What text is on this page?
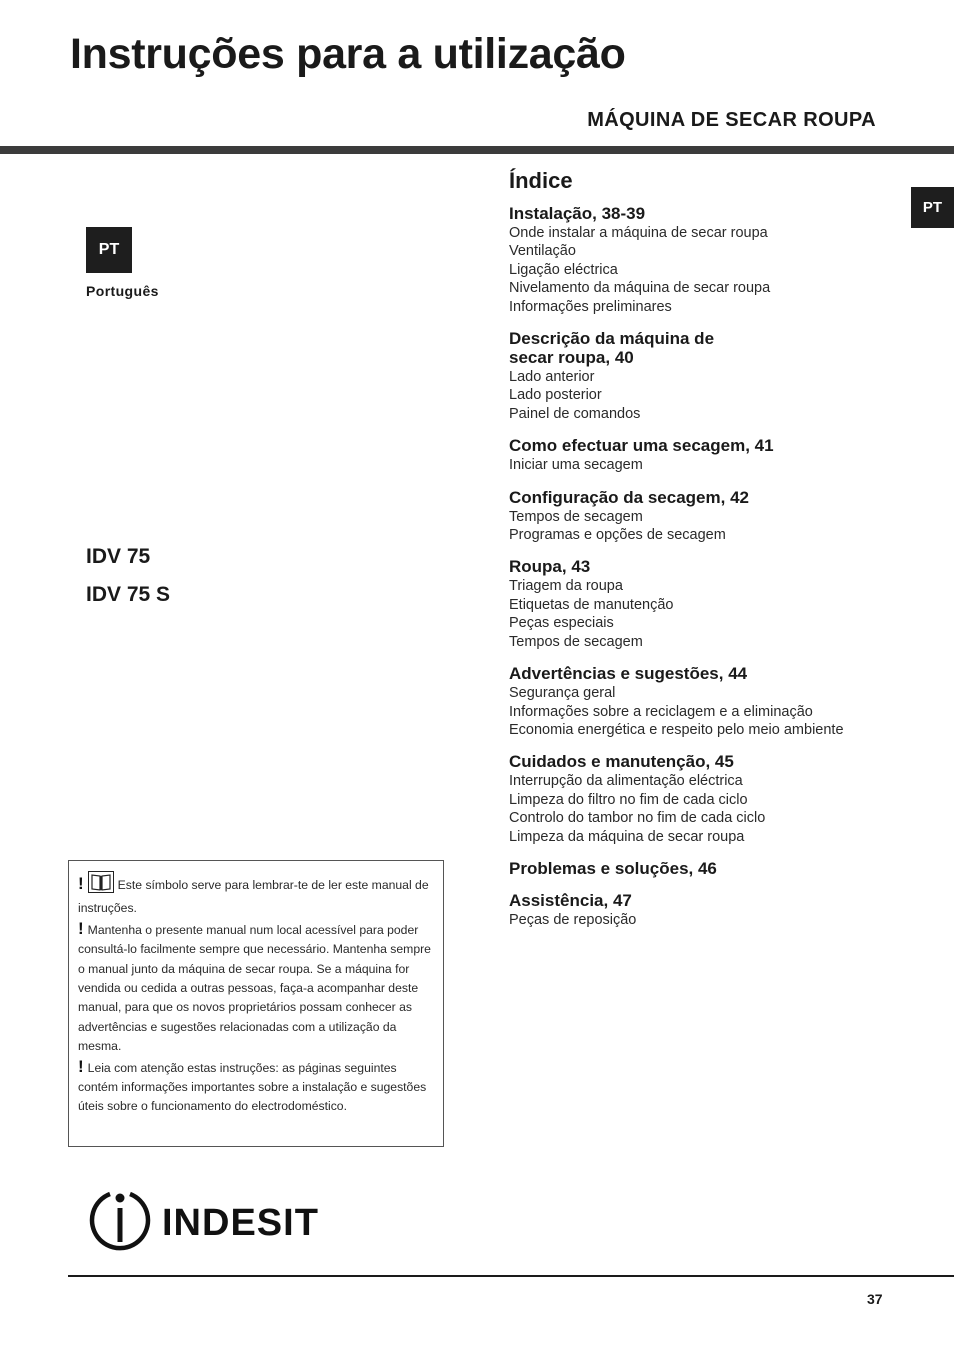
Instruções para a utilização
MÁQUINA DE SECAR ROUPA
PT
Português
PT
IDV 75
IDV 75 S
Índice
Instalação, 38-39
Onde instalar a máquina de secar roupa
Ventilação
Ligação eléctrica
Nivelamento da máquina de secar roupa
Informações preliminares
Descrição da máquina de
secar roupa, 40
Lado anterior
Lado posterior
Painel de comandos
Como efectuar uma secagem, 41
Iniciar uma secagem
Configuração da secagem, 42
Tempos de secagem
Programas e opções de secagem
Roupa, 43
Triagem da roupa
Etiquetas de manutenção
Peças especiais
Tempos de secagem
Advertências e sugestões, 44
Segurança geral
Informações sobre a reciclagem e a eliminação
Economia energética e respeito pelo meio ambiente
Cuidados e manutenção, 45
Interrupção da alimentação eléctrica
Limpeza do filtro no fim de cada ciclo
Controlo do tambor no fim de cada ciclo
Limpeza da máquina de secar roupa
Problemas e soluções, 46
Assistência, 47
Peças de reposição

!	Este símbolo serve para lembrar-te de ler este manual de instruções.

! Mantenha o presente manual num local acessível para poder consultá-lo facilmente sempre que necessário. Mantenha sempre o manual junto da máquina de secar roupa. Se a máquina for vendida ou cedida a outras pessoas, faça-a acompanhar deste manual, para que os novos proprietários possam conhecer as advertências e sugestões relacionadas com a utilização da mesma.

! Leia com atenção estas instruções: as páginas seguintes contém informações importantes sobre a instalação e sugestões úteis sobre o funcionamento do electrodoméstico.

INDESIT
37
